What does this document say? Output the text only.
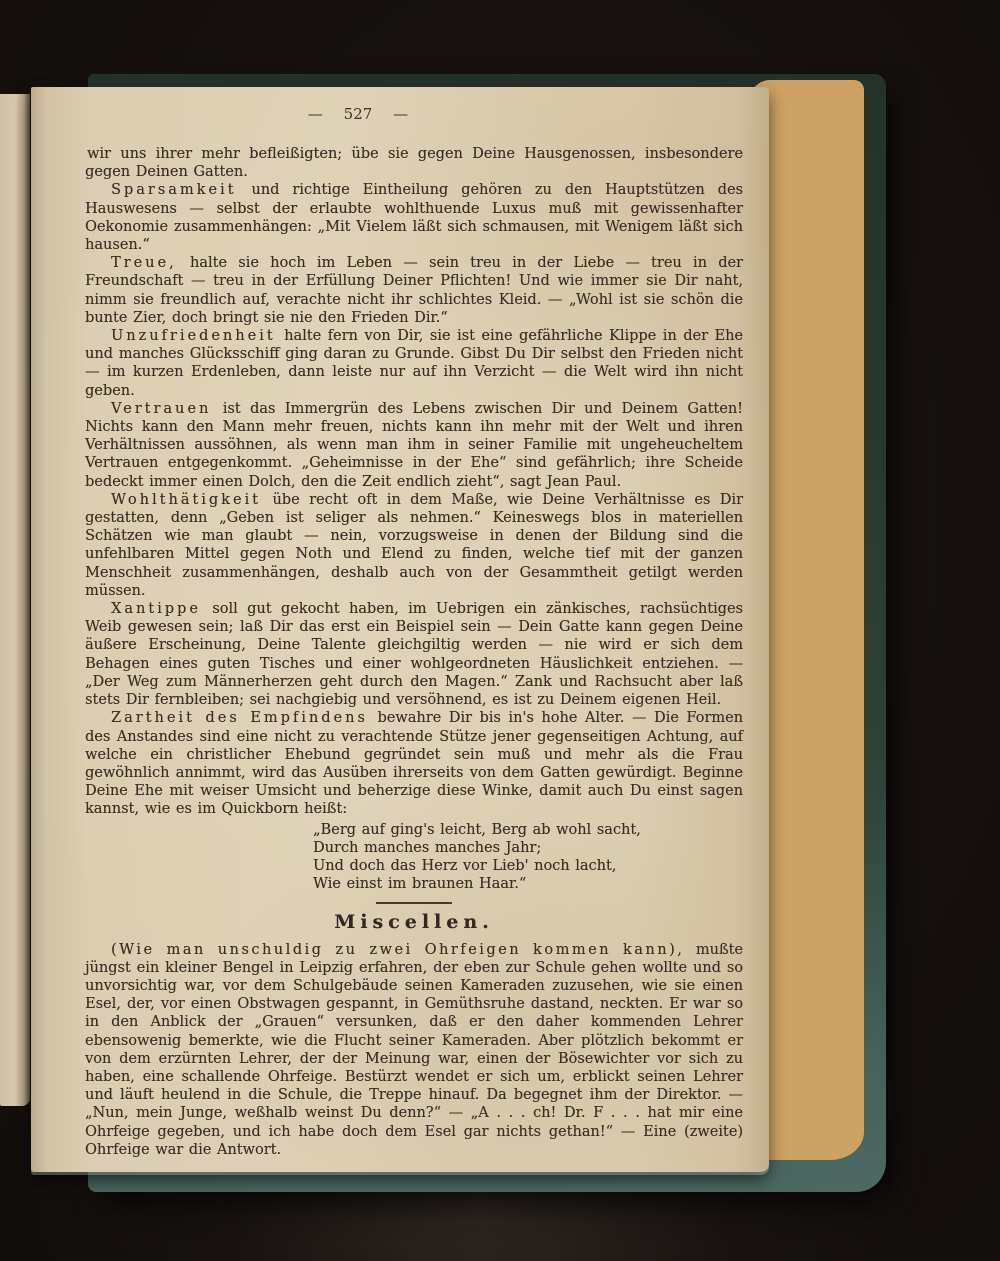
— 527 —

wir uns ihrer mehr befleißigten; übe sie gegen Deine Hausgenossen, insbesondere gegen Deinen Gatten.

Sparsamkeit und richtige Eintheilung gehören zu den Hauptstützen des Hauswesens — selbst der erlaubte wohlthuende Luxus muß mit gewissenhafter Oekonomie zusammenhängen: „Mit Vielem läßt sich schmausen, mit Wenigem läßt sich hausen.“

Treue, halte sie hoch im Leben — sein treu in der Liebe — treu in der Freundschaft — treu in der Erfüllung Deiner Pflichten! Und wie immer sie Dir naht, nimm sie freundlich auf, verachte nicht ihr schlichtes Kleid. — „Wohl ist sie schön die bunte Zier, doch bringt sie nie den Frieden Dir.“

Unzufriedenheit halte fern von Dir, sie ist eine gefährliche Klippe in der Ehe und manches Glücksschiff ging daran zu Grunde. Gibst Du Dir selbst den Frieden nicht — im kurzen Erdenleben, dann leiste nur auf ihn Verzicht — die Welt wird ihn nicht geben.

Vertrauen ist das Immergrün des Lebens zwischen Dir und Deinem Gatten! Nichts kann den Mann mehr freuen, nichts kann ihn mehr mit der Welt und ihren Verhältnissen aussöhnen, als wenn man ihm in seiner Familie mit ungeheucheltem Vertrauen entgegenkommt. „Geheimnisse in der Ehe“ sind gefährlich; ihre Scheide bedeckt immer einen Dolch, den die Zeit endlich zieht“, sagt Jean Paul.

Wohlthätigkeit übe recht oft in dem Maße, wie Deine Verhältnisse es Dir gestatten, denn „Geben ist seliger als nehmen.“ Keineswegs blos in materiellen Schätzen wie man glaubt — nein, vorzugsweise in denen der Bildung sind die unfehlbaren Mittel gegen Noth und Elend zu finden, welche tief mit der ganzen Menschheit zusammenhängen, deshalb auch von der Gesammtheit getilgt werden müssen.

Xantippe soll gut gekocht haben, im Uebrigen ein zänkisches, rachsüchtiges Weib gewesen sein; laß Dir das erst ein Beispiel sein — Dein Gatte kann gegen Deine äußere Erscheinung, Deine Talente gleichgiltig werden — nie wird er sich dem Behagen eines guten Tisches und einer wohlgeordneten Häuslichkeit entziehen. — „Der Weg zum Männerherzen geht durch den Magen.“ Zank und Rachsucht aber laß stets Dir fernbleiben; sei nachgiebig und versöhnend, es ist zu Deinem eigenen Heil.

Zartheit des Empfindens bewahre Dir bis in's hohe Alter. — Die Formen des Anstandes sind eine nicht zu verachtende Stütze jener gegenseitigen Achtung, auf welche ein christlicher Ehebund gegründet sein muß und mehr als die Frau gewöhnlich annimmt, wird das Ausüben ihrerseits von dem Gatten gewürdigt. Beginne Deine Ehe mit weiser Umsicht und beherzige diese Winke, damit auch Du einst sagen kannst, wie es im Quickborn heißt:

„Berg auf ging's leicht, Berg ab wohl sacht,

Durch manches manches Jahr;

Und doch das Herz vor Lieb' noch lacht,

Wie einst im braunen Haar.“

Miscellen.

(Wie man unschuldig zu zwei Ohrfeigen kommen kann), mußte jüngst ein kleiner Bengel in Leipzig erfahren, der eben zur Schule gehen wollte und so unvorsichtig war, vor dem Schulgebäude seinen Kameraden zuzusehen, wie sie einen Esel, der, vor einen Obstwagen gespannt, in Gemüthsruhe dastand, neckten. Er war so in den Anblick der „Grauen“ versunken, daß er den daher kommenden Lehrer ebensowenig bemerkte, wie die Flucht seiner Kameraden. Aber plötzlich bekommt er von dem erzürnten Lehrer, der der Meinung war, einen der Bösewichter vor sich zu haben, eine schallende Ohrfeige. Bestürzt wendet er sich um, erblickt seinen Lehrer und läuft heulend in die Schule, die Treppe hinauf. Da begegnet ihm der Direktor. — „Nun, mein Junge, weßhalb weinst Du denn?“ — „A . . . ch! Dr. F . . . hat mir eine Ohrfeige gegeben, und ich habe doch dem Esel gar nichts gethan!“ — Eine (zweite) Ohrfeige war die Antwort.
